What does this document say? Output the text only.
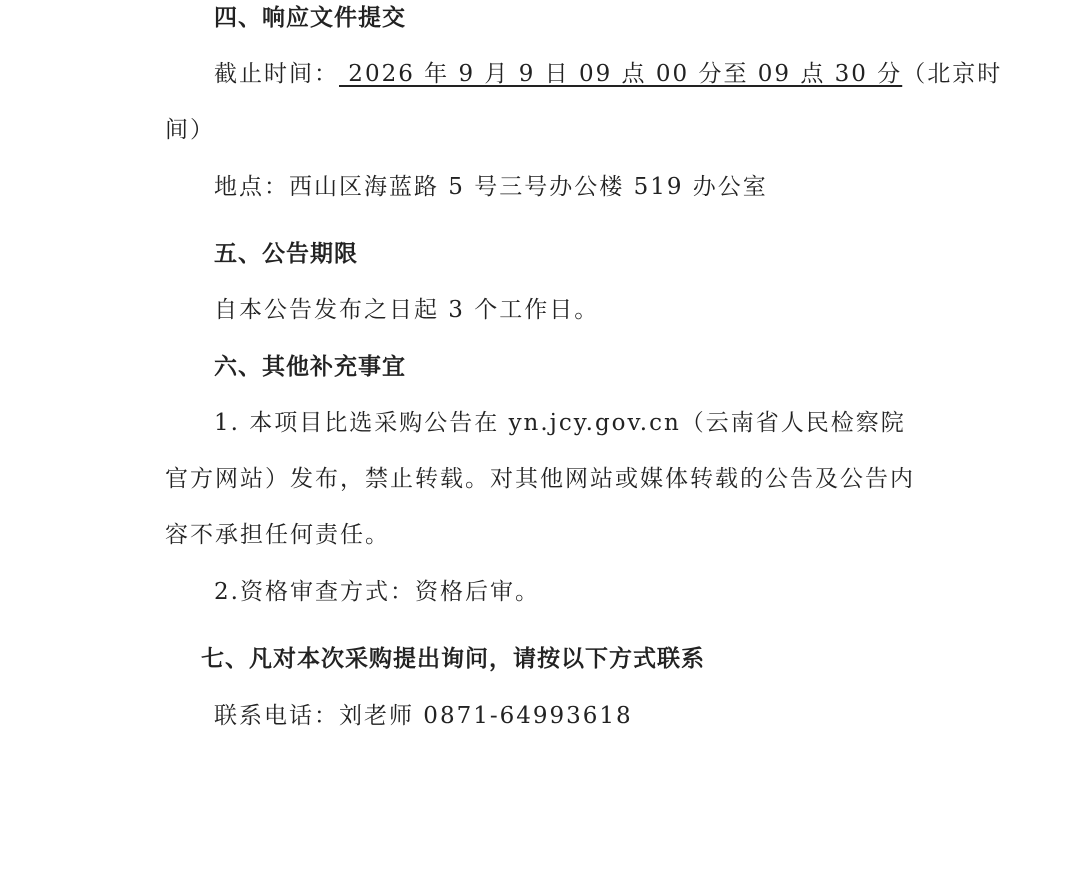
四、响应文件提交
截止时间： 2026 年 9 月 9 日 09 点 00 分至 09 点 30 分（北京时
间）
地点：西山区海蓝路 5 号三号办公楼 519 办公室
五、公告期限
自本公告发布之日起 3 个工作日。
六、其他补充事宜
1. 本项目比选采购公告在 yn.jcy.gov.cn（云南省人民检察院
官方网站）发布，禁止转载。对其他网站或媒体转载的公告及公告内
容不承担任何责任。
2.资格审查方式：资格后审。
七、凡对本次采购提出询问，请按以下方式联系
联系电话：刘老师 0871-64993618
